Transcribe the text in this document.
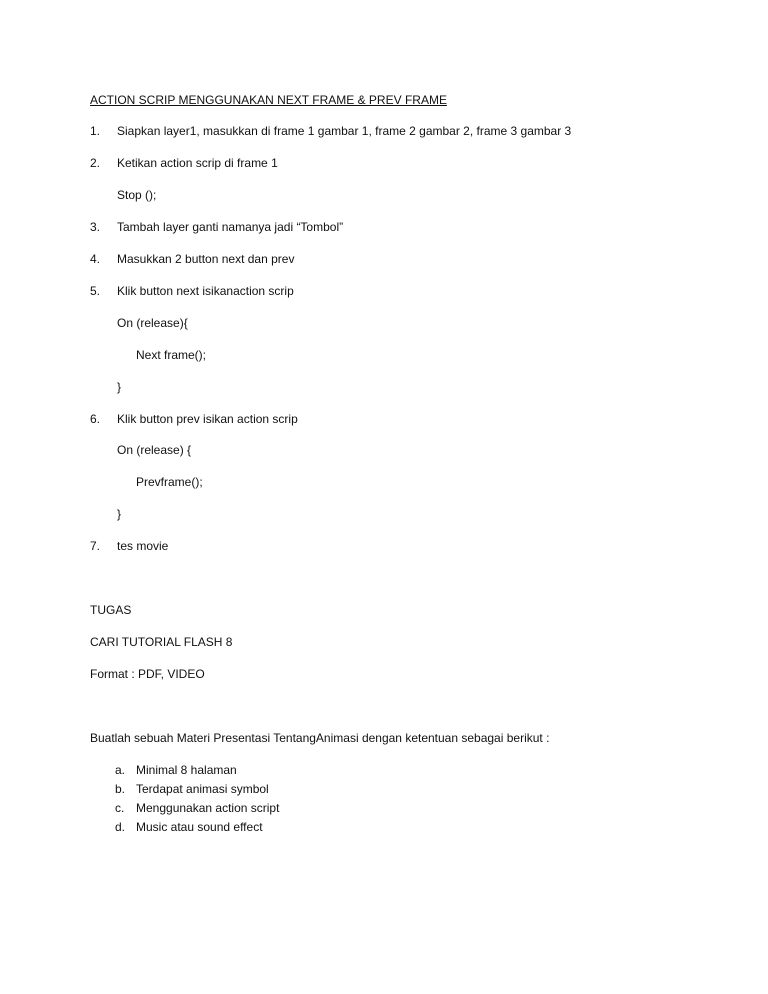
ACTION SCRIP MENGGUNAKAN NEXT FRAME & PREV FRAME
1. Siapkan layer1, masukkan di frame 1 gambar 1, frame 2 gambar 2, frame 3 gambar 3
2. Ketikan action scrip di frame 1
Stop ();
3. Tambah layer ganti namanya jadi “Tombol”
4. Masukkan 2 button next dan prev
5. Klik button next isikanaction scrip
On (release){
Next frame();
}
6. Klik button prev isikan action scrip
On (release) {
Prevframe();
}
7. tes movie
TUGAS
CARI TUTORIAL FLASH 8
Format : PDF, VIDEO
Buatlah sebuah Materi Presentasi TentangAnimasi dengan ketentuan sebagai berikut :
a. Minimal 8 halaman
b. Terdapat animasi symbol
c. Menggunakan action script
d. Music atau sound effect
